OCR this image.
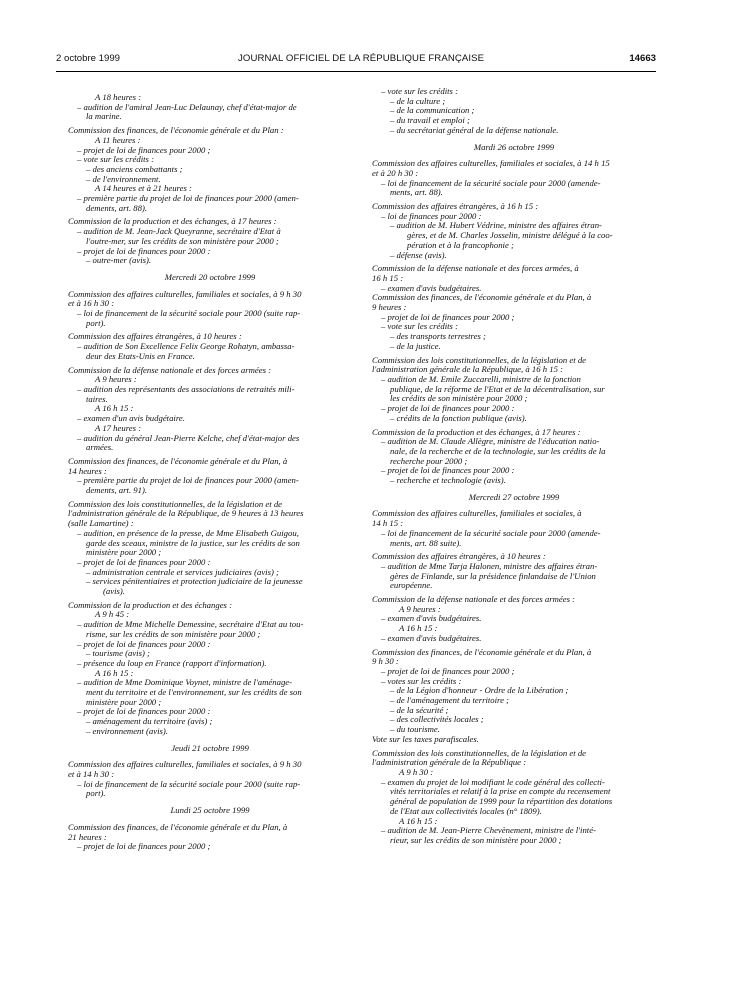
2 octobre 1999	JOURNAL OFFICIEL DE LA RÉPUBLIQUE FRANÇAISE	14663
A 18 heures :
– audition de l'amiral Jean-Luc Delaunay, chef d'état-major de
la marine.
Commission des finances, de l'économie générale et du Plan :
A 11 heures :
– projet de loi de finances pour 2000 ;
– vote sur les crédits :
– des anciens combattants ;
– de l'environnement.
A 14 heures et à 21 heures :
– première partie du projet de loi de finances pour 2000 (amen-
dements, art. 88).
Commission de la production et des échanges, à 17 heures :
– audition de M. Jean-Jack Queyranne, secrétaire d'Etat à
l'outre-mer, sur les crédits de son ministère pour 2000 ;
– projet de loi de finances pour 2000 :
– outre-mer (avis).
Mercredi 20 octobre 1999
Commission des affaires culturelles, familiales et sociales, à 9 h 30
et à 16 h 30 :
– loi de financement de la sécurité sociale pour 2000 (suite rap-
port).
Commission des affaires étrangères, à 10 heures :
– audition de Son Excellence Felix George Rohatyn, ambassa-
deur des Etats-Unis en France.
Commission de la défense nationale et des forces armées :
A 9 heures :
– audition des représentants des associations de retraités mili-
taires.
A 16 h 15 :
– examen d'un avis budgétaire.
A 17 heures :
– audition du général Jean-Pierre Kelche, chef d'état-major des
armées.
Commission des finances, de l'économie générale et du Plan, à
14 heures :
– première partie du projet de loi de finances pour 2000 (amen-
dements, art. 91).
Commission des lois constitutionnelles, de la législation et de
l'administration générale de la République, de 9 heures à 13 heures
(salle Lamartine) :
– audition, en présence de la presse, de Mme Elisabeth Guigou,
garde des sceaux, ministre de la justice, sur les crédits de son
ministère pour 2000 ;
– projet de loi de finances pour 2000 :
– administration centrale et services judiciaires (avis) ;
– services pénitentiaires et protection judiciaire de la jeunesse
(avis).
Commission de la production et des échanges :
A 9 h 45 :
– audition de Mme Michelle Demessine, secrétaire d'Etat au tou-
risme, sur les crédits de son ministère pour 2000 ;
– projet de loi de finances pour 2000 :
– tourisme (avis) ;
– présence du loup en France (rapport d'information).
A 16 h 15 :
– audition de Mme Dominique Voynet, ministre de l'aménage-
ment du territoire et de l'environnement, sur les crédits de son
ministère pour 2000 ;
– projet de loi de finances pour 2000 :
– aménagement du territoire (avis) ;
– environnement (avis).
Jeudi 21 octobre 1999
Commission des affaires culturelles, familiales et sociales, à 9 h 30
et à 14 h 30 :
– loi de financement de la sécurité sociale pour 2000 (suite rap-
port).
Lundi 25 octobre 1999
Commission des finances, de l'économie générale et du Plan, à
21 heures :
– projet de loi de finances pour 2000 ;
– vote sur les crédits :
– de la culture ;
– de la communication ;
– du travail et emploi ;
– du secrétariat général de la défense nationale.
Mardi 26 octobre 1999
Commission des affaires culturelles, familiales et sociales, à 14 h 15
et à 20 h 30 :
– loi de financement de la sécurité sociale pour 2000 (amende-
ments, art. 88).
Commission des affaires étrangères, à 16 h 15 :
– loi de finances pour 2000 :
– audition de M. Hubert Védrine, ministre des affaires étran-
gères, et de M. Charles Josselin, ministre délégué à la coo-
pération et à la francophonie ;
– défense (avis).
Commission de la défense nationale et des forces armées, à
16 h 15 :
– examen d'avis budgétaires.
Commission des finances, de l'économie générale et du Plan, à
9 heures :
– projet de loi de finances pour 2000 ;
– vote sur les crédits :
– des transports terrestres ;
– de la justice.
Commission des lois constitutionnelles, de la législation et de
l'administration générale de la République, à 16 h 15 :
– audition de M. Emile Zuccarelli, ministre de la fonction
publique, de la réforme de l'Etat et de la décentralisation, sur
les crédits de son ministère pour 2000 ;
– projet de loi de finances pour 2000 :
– crédits de la fonction publique (avis).
Commission de la production et des échanges, à 17 heures :
– audition de M. Claude Allègre, ministre de l'éducation natio-
nale, de la recherche et de la technologie, sur les crédits de la
recherche pour 2000 ;
– projet de loi de finances pour 2000 :
– recherche et technologie (avis).
Mercredi 27 octobre 1999
Commission des affaires culturelles, familiales et sociales, à
14 h 15 :
– loi de financement de la sécurité sociale pour 2000 (amende-
ments, art. 88 suite).
Commission des affaires étrangères, à 10 heures :
– audition de Mme Tarja Halonen, ministre des affaires étran-
gères de Finlande, sur la présidence finlandaise de l'Union
européenne.
Commission de la défense nationale et des forces armées :
A 9 heures :
– examen d'avis budgétaires.
A 16 h 15 :
– examen d'avis budgétaires.
Commission des finances, de l'économie générale et du Plan, à
9 h 30 :
– projet de loi de finances pour 2000 ;
– votes sur les crédits :
– de la Légion d'honneur - Ordre de la Libération ;
– de l'aménagement du territoire ;
– de la sécurité ;
– des collectivités locales ;
– du tourisme.
Vote sur les taxes parafiscales.
Commission des lois constitutionnelles, de la législation et de
l'administration générale de la République :
A 9 h 30 :
– examen du projet de loi modifiant le code général des collecti-
vités territoriales et relatif à la prise en compte du recensement
général de population de 1999 pour la répartition des dotations
de l'Etat aux collectivités locales (n° 1809).
A 16 h 15 :
– audition de M. Jean-Pierre Chevènement, ministre de l'inté-
rieur, sur les crédits de son ministère pour 2000 ;
